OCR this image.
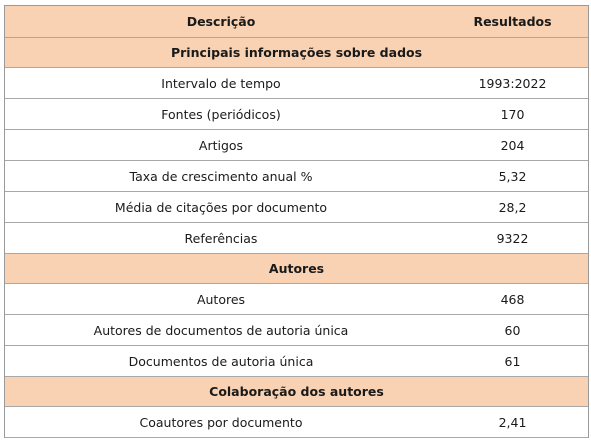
Descrição	Resultados
Principais informações sobre dados
Intervalo de tempo	1993:2022
Fontes (periódicos)	170
Artigos	204
Taxa de crescimento anual %	5,32
Média de citações por documento	28,2
Referências	9322
Autores
Autores	468
Autores de documentos de autoria única	60
Documentos de autoria única	61
Colaboração dos autores
Coautores por documento	2,41
